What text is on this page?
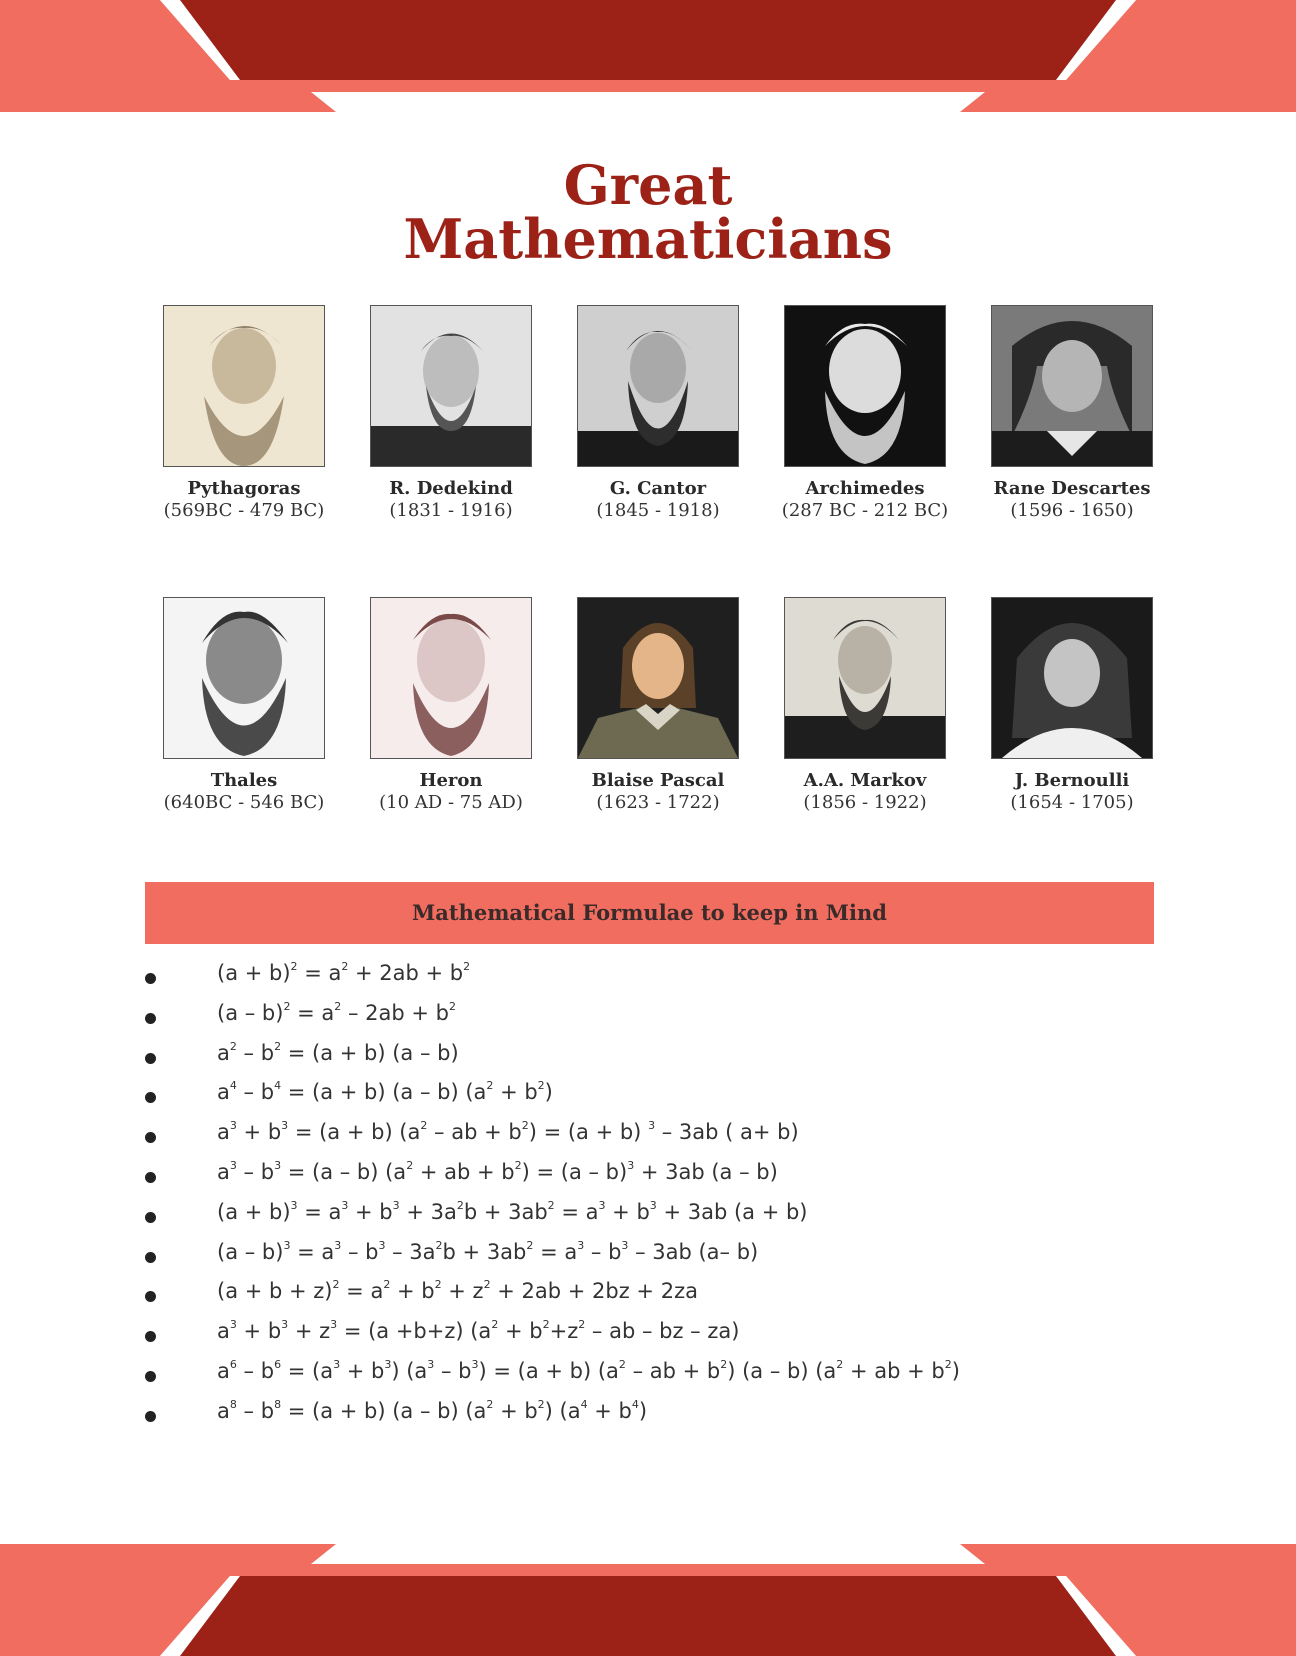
Great
Mathematicians
Pythagoras
(569BC - 479 BC)
R. Dedekind
(1831 - 1916)
G. Cantor
(1845 - 1918)
Archimedes
(287 BC - 212 BC)
Rane Descartes
(1596 - 1650)
Thales
(640BC - 546 BC)
Heron
(10 AD - 75 AD)
Blaise Pascal
(1623 - 1722)
A.A. Markov
(1856 - 1922)
J. Bernoulli
(1654 - 1705)
Mathematical Formulae to keep in Mind
$(a + b)^2 = a^2 + 2ab + b^2$
$(a - b)^2 = a^2 - 2ab + b^2$
$a^2 - b^2 = (a + b)$ (a – b)
$a^4 - b^4 = (a + b)$ (a – b) $(a^2 + b^2)$
$a^3 + b^3 = (a + b)$ ($a^2$ – ab + $b^2) = (a + b)$ $^3$ – 3ab ( a+ b)
$a^3 - b^3 = (a - b) (a^2$ + ab + $b^2) = (a - b)^3 + 3ab$ (a – b)
$(a + b)^3 = a^3 + b^3 + 3a^2b + 3ab^2 = a^3 + b^3 + 3ab$ (a + b)
$(a - b)^3 = a^3 - b^3 - 3a^2b + 3ab^2 = a^3 - b^3 - 3ab$ (a– b)
$(a + b + z)^2 = a^2 + b^2 + z^2 + 2ab + 2bz + 2za$
$a^3 + b^3 + z^3 = (a +b+z) (a^2 + b^2+z^2$ – ab – bz – za)
$a^6 - b^6 = (a^3 + b^3)$ $(a^3 - b^3) = (a + b)$ ($a^2$ – ab + $b^2$) (a – b) ($a^2$ + ab + $b^2$)
$a^8 - b^8 = (a + b)$ (a – b) $(a^2 + b^2) (a^4 + b^4)$
